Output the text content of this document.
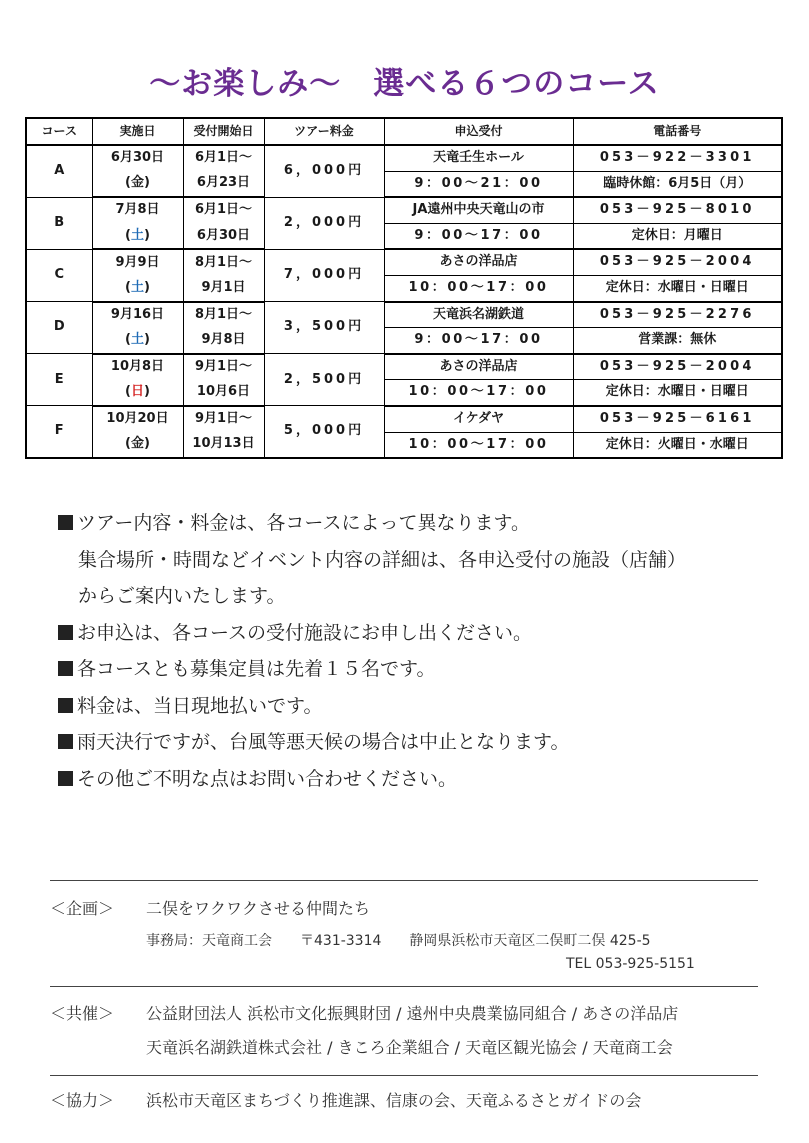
～お楽しみ～　選べる６つのコース
コース	実施日	受付開始日	ツアー料金	申込受付	電話番号
A	6月30日	6月1日～	6，000円	天竜壬生ホール	053－922－3301
	(金)	6月23日		9：00～21：00	臨時休館：6月5日（月）
B	7月8日	6月1日～	2，000円	JA遠州中央天竜山の市	053－925－8010
	(土)	6月30日		9：00～17：00	定休日：月曜日
C	9月9日	8月1日～	7，000円	あさの洋品店	053－925－2004
	(土)	9月1日		10：00～17：00	定休日：水曜日・日曜日
D	9月16日	8月1日～	3，500円	天竜浜名湖鉄道	053－925－2276
	(土)	9月8日		9：00～17：00	営業課：無休
E	10月8日	9月1日～	2，500円	あさの洋品店	053－925－2004
	(日)	10月6日		10：00～17：00	定休日：水曜日・日曜日
F	10月20日	9月1日～	5，000円	イケダヤ	053－925－6161
	(金)	10月13日		10：00～17：00	定休日：火曜日・水曜日
ツアー内容・料金は、各コースによって異なります。
集合場所・時間などイベント内容の詳細は、各申込受付の施設（店舗）
からご案内いたします。
お申込は、各コースの受付施設にお申し出ください。
各コースとも募集定員は先着１５名です。
料金は、当日現地払いです。
雨天決行ですが、台風等悪天候の場合は中止となります。
その他ご不明な点はお問い合わせください。
＜企画＞ 二俣をワクワクさせる仲間たち
事務局：天竜商工会　　〒431-3314　　静岡県浜松市天竜区二俣町二俣 425-5
TEL 053-925-5151
＜共催＞ 公益財団法人 浜松市文化振興財団 / 遠州中央農業協同組合 / あさの洋品店
天竜浜名湖鉄道株式会社 / きころ企業組合 / 天竜区観光協会 / 天竜商工会
＜協力＞ 浜松市天竜区まちづくり推進課、信康の会、天竜ふるさとガイドの会
